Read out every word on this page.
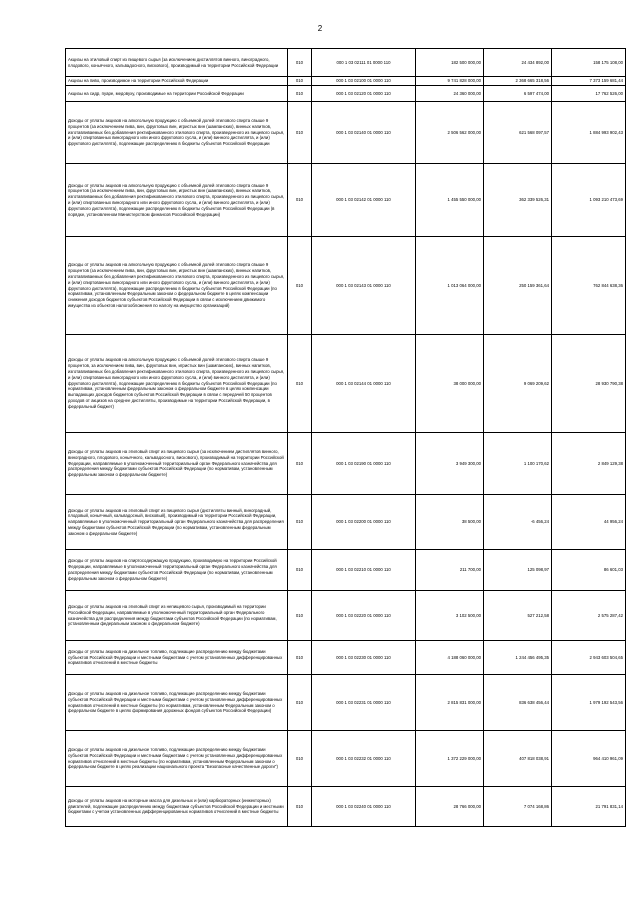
2
Акцизы на этиловый спирт из пищевого сырья (за исключением дистиллятов винного, виноградного, плодового, коньячного, кальвадосного, вискового), производимый на территории Российской Федерации	010	000 1 03 02111 01 0000 110	182 500 000,00	24 434 892,00	158 175 108,00
Акцизы на пиво, производимое на территории Российской Федерации	010	000 1 03 02100 01 0000 110	9 741 828 000,00	2 368 665 318,56	7 373 159 681,44
Акцизы на сидр, пуаре, медовуху, производимые на территории Российской Федерации	010	000 1 03 02120 01 0000 110	24 360 000,00	6 597 474,00	17 762 526,00
Доходы от уплаты акцизов на алкогольную продукцию с объемной долей этилового спирта свыше 9 процентов (за исключением пива, вин, фруктовых вин, игристых вин (шампанских), винных напитков, изготавливаемых без добавления ректификованного этилового спирта, произведенного из пищевого сырья, и (или) спиртованных виноградного или иного фруктового сусла, и (или) винного дистиллята, и (или) фруктового дистиллята), подлежащие распределению в бюджеты субъектов Российской Федерации	010	000 1 03 02140 01 0000 110	2 506 562 000,00	621 568 097,57	1 884 993 902,43
Доходы от уплаты акцизов на алкогольную продукцию с объемной долей этилового спирта свыше 9 процентов (за исключением пива, вин, фруктовых вин, игристых вин (шампанских), винных напитков, изготавливаемых без добавления ректификованного этилового спирта, произведенного из пищевого сырья, и (или) спиртованных виноградного или иного фруктового сусла, и (или) винного дистиллята, и (или) фруктового дистиллята), подлежащие распределению в бюджеты субъектов Российской Федерации (в порядке, установленном Министерством финансов Российской Федерации)	010	000 1 03 02142 01 0000 110	1 455 550 000,00	362 339 526,31	1 093 210 473,69
Доходы от уплаты акцизов на алкогольную продукцию с объемной долей этилового спирта свыше 9 процентов (за исключением пива, вин, фруктовых вин, игристых вин (шампанских), винных напитков, изготавливаемых без добавления ректификованного этилового спирта, произведенного из пищевого сырья, и (или) спиртованных виноградного или иного фруктового сусла, и (или) винного дистиллята, и (или) фруктового дистиллята), подлежащие распределению в бюджеты субъектов Российской Федерации (по нормативам, установленным Федеральным законом о федеральном бюджете в целях компенсации снижения доходов бюджетов субъектов Российской Федерации в связи с исключением движимого имущества из объектов налогообложения по налогу на имущество организаций)	010	000 1 03 02143 01 0000 110	1 013 064 000,00	250 159 361,64	762 844 638,36
Доходы от уплаты акцизов на алкогольную продукцию с объемной долей этилового спирта свыше 9 процентов, за исключением пива, вин, фруктовых вин, игристых вин (шампанских), винных напитков, изготавливаемых без добавления ректификованного этилового спирта, произведенного из пищевого сырья, и (или) спиртованных виноградного или иного фруктового сусла, и (или) винного дистиллята, и (или) фруктового дистиллята), подлежащие распределению в бюджеты субъектов Российской Федерации (по нормативам, установленным федеральным законом о федеральном бюджете в целях компенсации выпадающих доходов бюджетов субъектов Российской Федерации в связи с передачей 50 процентов доходов от акцизов на среднее дистилляты, производимые на территории Российской Федерации, в федеральный бюджет)	010	000 1 03 02144 01 0000 110	38 000 000,00	9 069 209,62	28 930 790,38
Доходы от уплаты акцизов на этиловый спирт из пищевого сырья (за исключением дистиллятов винного, виноградного, плодового, коньячного, кальвадосного, вискового), производимый на территории Российской Федерации, направляемые в уполномоченный территориальный орган Федерального казначейства для распределения между бюджетами субъектов Российской Федерации (по нормативам, установленным федеральным законом о федеральном бюджете)	010	000 1 03 02190 01 0000 110	3 949 300,00	1 100 170,62	2 849 129,38
Доходы от уплаты акцизов на этиловый спирт из пищевого сырья (дистилляты винный, виноградный, плодовый, коньячный, кальвадосный, висковый), производимый на территории Российской Федерации, направляемые в уполномоченный территориальный орган Федерального казначейства для распределения между бюджетами субъектов Российской Федерации (по нормативам, установленным федеральным законом о федеральном бюджете)	010	000 1 03 02200 01 0000 110	38 500,00	-6 456,24	44 956,24
Доходы от уплаты акцизов на спиртосодержащую продукцию, производимую на территории Российской Федерации, направляемые в уполномоченный территориальный орган Федерального казначейства для распределения между бюджетами субъектов Российской Федерации (по нормативам, установленным федеральным законом о федеральном бюджете)	010	000 1 03 02210 01 0000 110	211 700,00	125 098,97	86 601,03
Доходы от уплаты акцизов на этиловый спирт из непищевого сырья, производимый на территории Российской Федерации, направляемые в уполномоченный территориальный орган Федерального казначейства для распределения между бюджетами субъектов Российской Федерации (по нормативам, установленным федеральным законом о федеральном бюджете)	010	000 1 03 02220 01 0000 110	3 102 500,00	527 212,58	2 575 287,42
Доходы от уплаты акцизов на дизельное топливо, подлежащие распределению между бюджетами субъектов Российской Федерации и местными бюджетами с учетом установленных дифференцированных нормативов отчислений в местные бюджеты	010	000 1 03 02230 01 0000 110	4 188 060 000,00	1 244 456 495,35	2 943 603 504,65
Доходы от уплаты акцизов на дизельное топливо, подлежащие распределению между бюджетами субъектов Российской Федерации и местными бюджетами с учетом установленных дифференцированных нормативов отчислений в местные бюджеты (по нормативам, установленным Федеральным законом о федеральном бюджете в целях формирования дорожных фондов субъектов Российской Федерации)	010	000 1 03 02231 01 0000 110	2 815 831 000,00	836 638 456,44	1 979 192 543,56
Доходы от уплаты акцизов на дизельное топливо, подлежащие распределению между бюджетами субъектов Российской Федерации и местными бюджетами с учетом установленных дифференцированных нормативов отчислений в местные бюджеты (по нормативам, установленным Федеральным законом о федеральном бюджете в целях реализации национального проекта "Безопасные качественные дороги")	010	000 1 03 02232 01 0000 110	1 372 229 000,00	407 818 038,91	964 410 961,09
Доходы от уплаты акцизов на моторные масла для дизельных и (или) карбюраторных (инжекторных) двигателей, подлежащие распределению между бюджетами субъектов Российской Федерации и местными бюджетами с учетом установленных дифференцированных нормативов отчислений в местные бюджеты	010	000 1 03 02240 01 0000 110	28 766 000,00	7 074 168,86	21 791 831,14
